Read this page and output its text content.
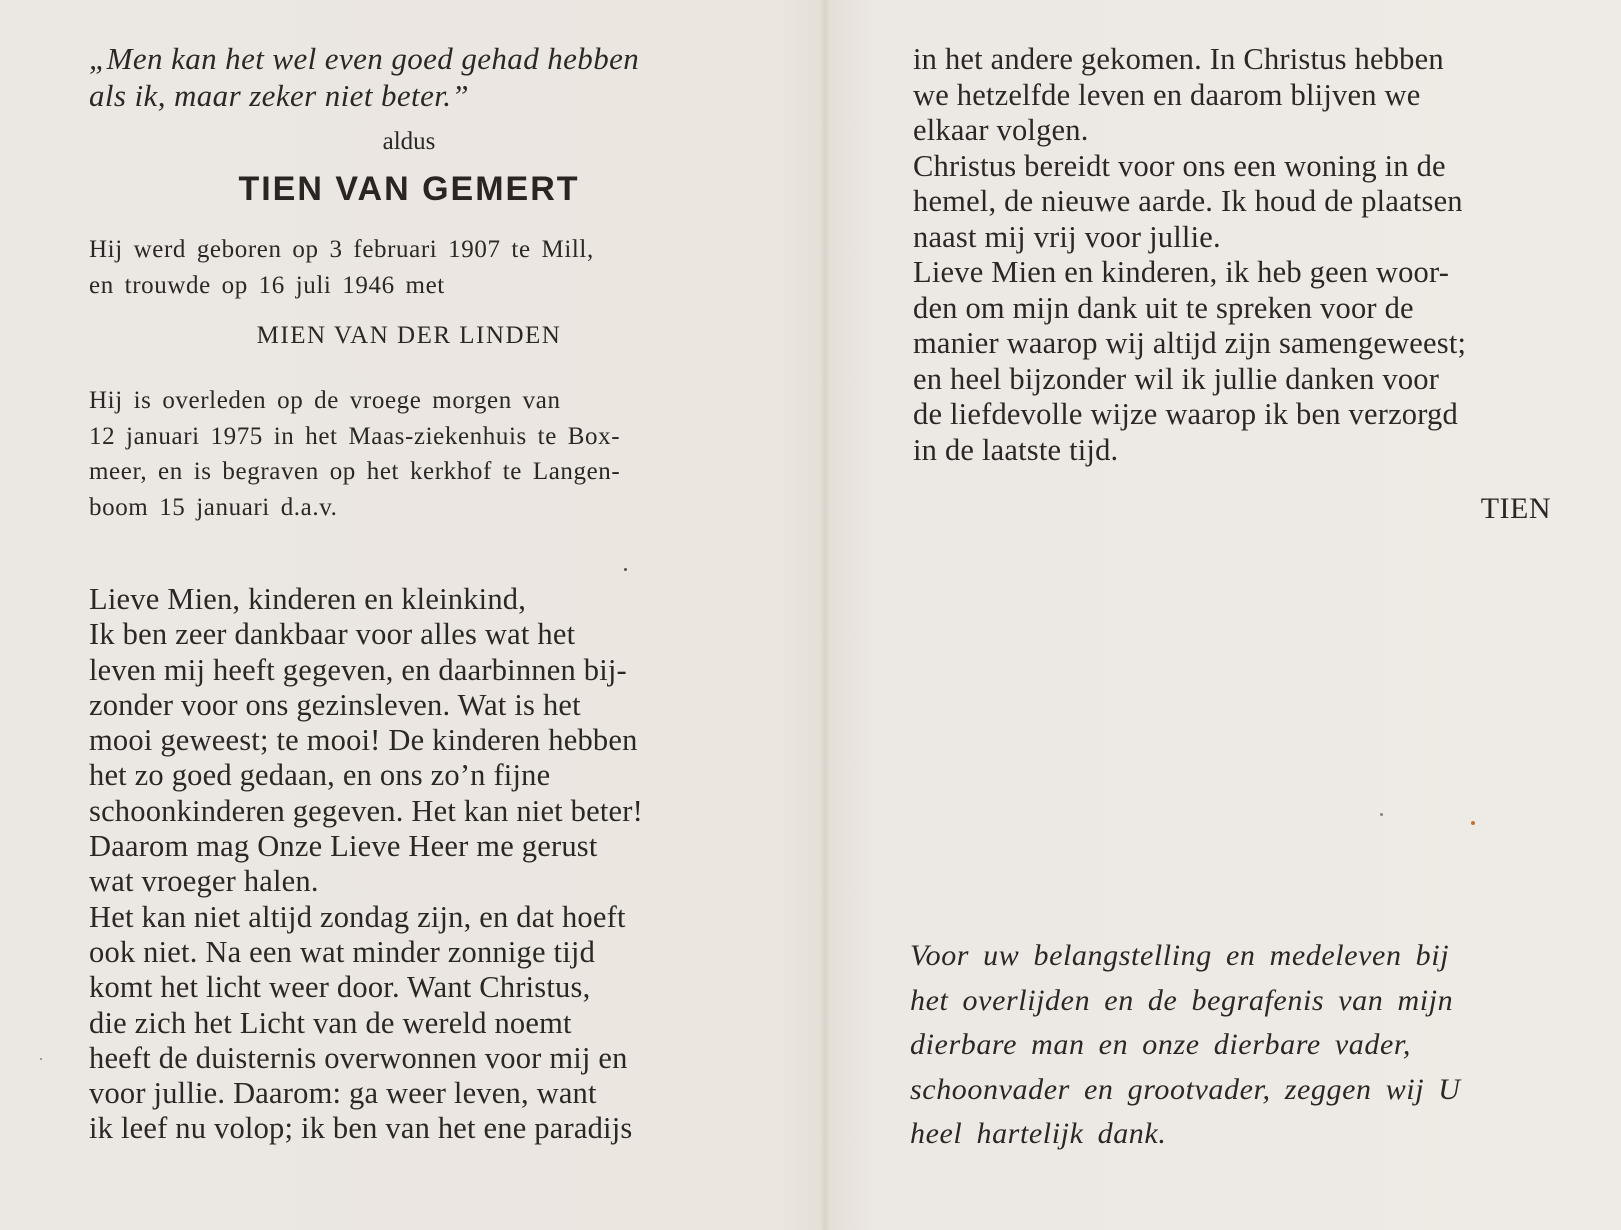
„Men kan het wel even goed gehad hebben
als ik, maar zeker niet beter.”
aldus
TIEN VAN GEMERT
Hij werd geboren op 3 februari 1907 te Mill,
en trouwde op 16 juli 1946 met
MIEN VAN DER LINDEN
Hij is overleden op de vroege morgen van
12 januari 1975 in het Maas-ziekenhuis te Box-
meer, en is begraven op het kerkhof te Langen-
boom 15 januari d.a.v.
Lieve Mien, kinderen en kleinkind,
Ik ben zeer dankbaar voor alles wat het
leven mij heeft gegeven, en daarbinnen bij-
zonder voor ons gezinsleven. Wat is het
mooi geweest; te mooi! De kinderen hebben
het zo goed gedaan, en ons zo’n fijne
schoonkinderen gegeven. Het kan niet beter!
Daarom mag Onze Lieve Heer me gerust
wat vroeger halen.
Het kan niet altijd zondag zijn, en dat hoeft
ook niet. Na een wat minder zonnige tijd
komt het licht weer door. Want Christus,
die zich het Licht van de wereld noemt
heeft de duisternis overwonnen voor mij en
voor jullie. Daarom: ga weer leven, want
ik leef nu volop; ik ben van het ene paradijs
in het andere gekomen. In Christus hebben
we hetzelfde leven en daarom blijven we
elkaar volgen.
Christus bereidt voor ons een woning in de
hemel, de nieuwe aarde. Ik houd de plaatsen
naast mij vrij voor jullie.
Lieve Mien en kinderen, ik heb geen woor-
den om mijn dank uit te spreken voor de
manier waarop wij altijd zijn samengeweest;
en heel bijzonder wil ik jullie danken voor
de liefdevolle wijze waarop ik ben verzorgd
in de laatste tijd.
TIEN
Voor uw belangstelling en medeleven bij
het overlijden en de begrafenis van mijn
dierbare man en onze dierbare vader,
schoonvader en grootvader, zeggen wij U
heel hartelijk dank.
